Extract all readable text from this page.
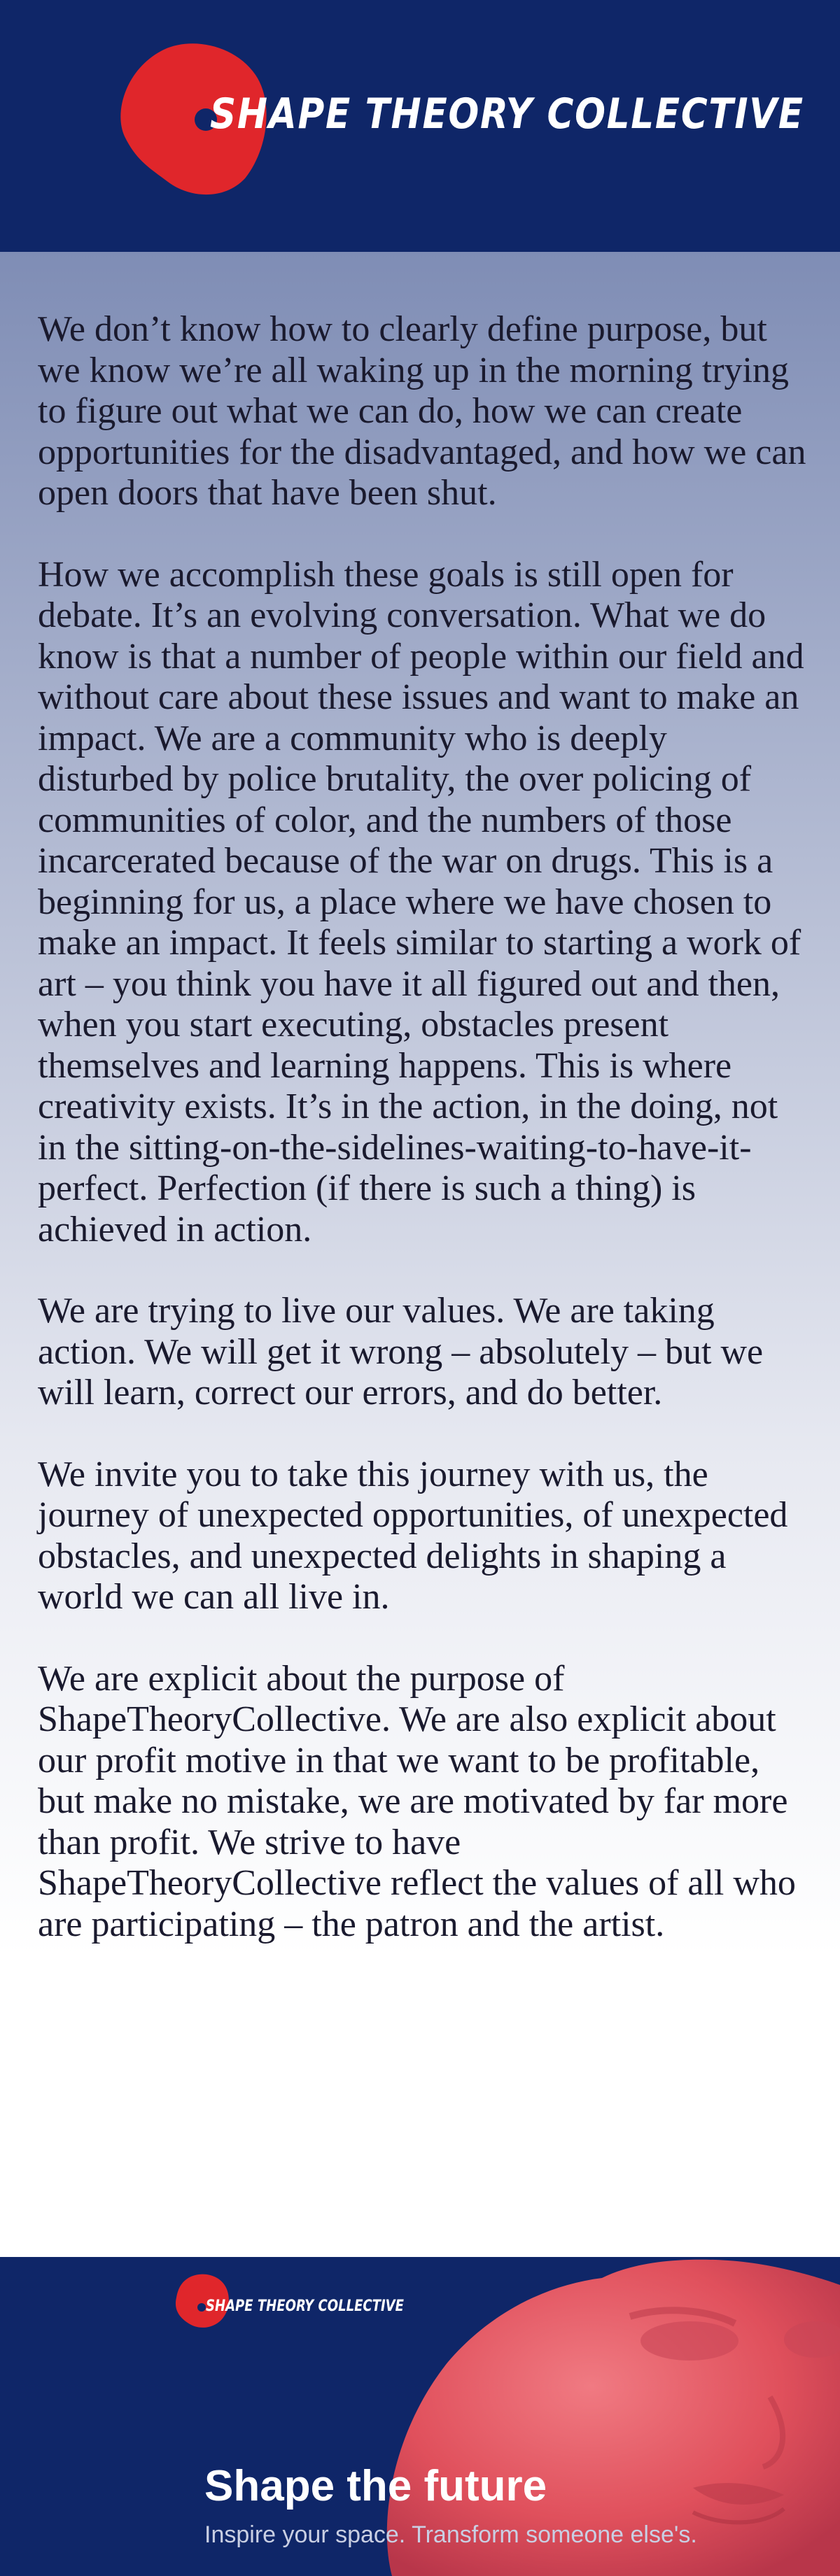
SHAPE THEORY COLLECTIVE

We don’t know how to clearly define purpose, but we know we’re all waking up in the morning trying to figure out what we can do, how we can create opportunities for the disadvantaged, and how we can open doors that have been shut.

How we accomplish these goals is still open for debate. It’s an evolving conversation. What we do know is that a number of people within our field and without care about these issues and want to make an impact. We are a community who is deeply disturbed by police brutality, the over policing of communities of color, and the numbers of those incarcerated because of the war on drugs. This is a beginning for us, a place where we have chosen to make an impact. It feels similar to starting a work of art – you think you have it all figured out and then, when you start executing, obstacles present themselves and learning happens. This is where creativity exists. It’s in the action, in the doing, not in the sitting-on-the-sidelines-waiting-to-have-it-perfect. Perfection (if there is such a thing) is achieved in action.

We are trying to live our values. We are taking action. We will get it wrong – absolutely – but we will learn, correct our errors, and do better.

We invite you to take this journey with us, the journey of unexpected opportunities, of unexpected obstacles, and unexpected delights in shaping a world we can all live in.

We are explicit about the purpose of ShapeTheoryCollective. We are also explicit about our profit motive in that we want to be profitable, but make no mistake, we are motivated by far more than profit. We strive to have ShapeTheoryCollective reflect the values of all who are participating – the patron and the artist.

SHAPE THEORY COLLECTIVE
Shape the future
Inspire your space. Transform someone else's.
